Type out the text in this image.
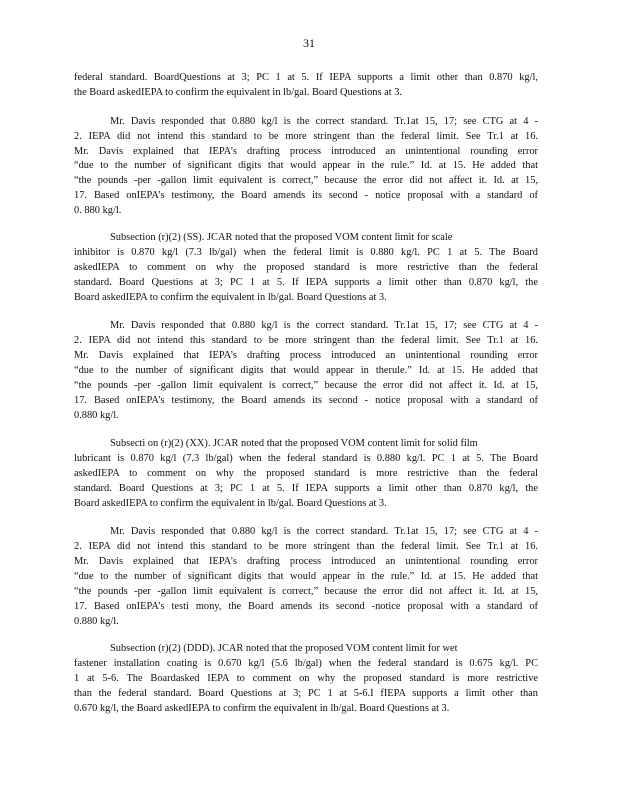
31
federal standard. BoardQuestions at 3; PC 1 at 5. If IEPA supports a limit other than 0.870 kg/l,
the Board askedIEPA to confirm the equivalent in lb/gal. Board Questions at 3.
Mr. Davis responded that 0.880 kg/l is the correct standard. Tr.1at 15, 17; see CTG at 4 -
2. IEPA did not intend this standard to be more stringent than the federal limit. See Tr.1 at 16.
Mr. Davis explained that IEPA’s drafting process introduced an unintentional rounding error
“due to the number of significant digits that would appear in the rule.” Id. at 15. He added that
“the pounds -per -gallon limit equivalent is correct,” because the error did not affect it. Id. at 15,
17. Based onIEPA’s testimony, the Board amends its second - notice proposal with a standard of
0. 880 kg/l.
Subsection (r)(2) (SS). JCAR noted that the proposed VOM content limit for scale
inhibitor is 0.870 kg/l (7.3 lb/gal) when the federal limit is 0.880 kg/l. PC 1 at 5. The Board
askedIEPA to comment on why the proposed standard is more restrictive than the federal
standard. Board Questions at 3; PC 1 at 5. If IEPA supports a limit other than 0.870 kg/l, the
Board askedIEPA to confirm the equivalent in lb/gal. Board Questions at 3.
Mr. Davis responded that 0.880 kg/l is the correct standard. Tr.1at 15, 17; see CTG at 4 -
2. IEPA did not intend this standard to be more stringent than the federal limit. See Tr.1 at 16.
Mr. Davis explained that IEPA’s drafting process introduced an unintentional rounding error
“due to the number of significant digits that would appear in therule.” Id. at 15. He added that
“the pounds -per -gallon limit equivalent is correct,” because the error did not affect it. Id. at 15,
17. Based onIEPA’s testimony, the Board amends its second - notice proposal with a standard of
0.880 kg/l.
Subsecti on (r)(2) (XX). JCAR noted that the proposed VOM content limit for solid film
lubricant is 0.870 kg/l (7.3 lb/gal) when the federal standard is 0.880 kg/l. PC 1 at 5. The Board
askedIEPA to comment on why the proposed standard is more restrictive than the federal
standard. Board Questions at 3; PC 1 at 5. If IEPA supports a limit other than 0.870 kg/l, the
Board askedIEPA to confirm the equivalent in lb/gal. Board Questions at 3.
Mr. Davis responded that 0.880 kg/l is the correct standard. Tr.1at 15, 17; see CTG at 4 -
2. IEPA did not intend this standard to be more stringent than the federal limit. See Tr.1 at 16.
Mr. Davis explained that IEPA’s drafting process introduced an unintentional rounding error
“due to the number of significant digits that would appear in the rule.” Id. at 15. He added that
“the pounds -per -gallon limit equivalent is correct,” because the error did not affect it. Id. at 15,
17. Based onIEPA’s testi mony, the Board amends its second -notice proposal with a standard of
0.880 kg/l.
Subsection (r)(2) (DDD). JCAR noted that the proposed VOM content limit for wet
fastener installation coating is 0.670 kg/l (5.6 lb/gal) when the federal standard is 0.675 kg/l. PC
1 at 5-6. The Boardasked IEPA to comment on why the proposed standard is more restrictive
than the federal standard. Board Questions at 3; PC 1 at 5-6.I fIEPA supports a limit other than
0.670 kg/l, the Board askedIEPA to confirm the equivalent in lb/gal. Board Questions at 3.
